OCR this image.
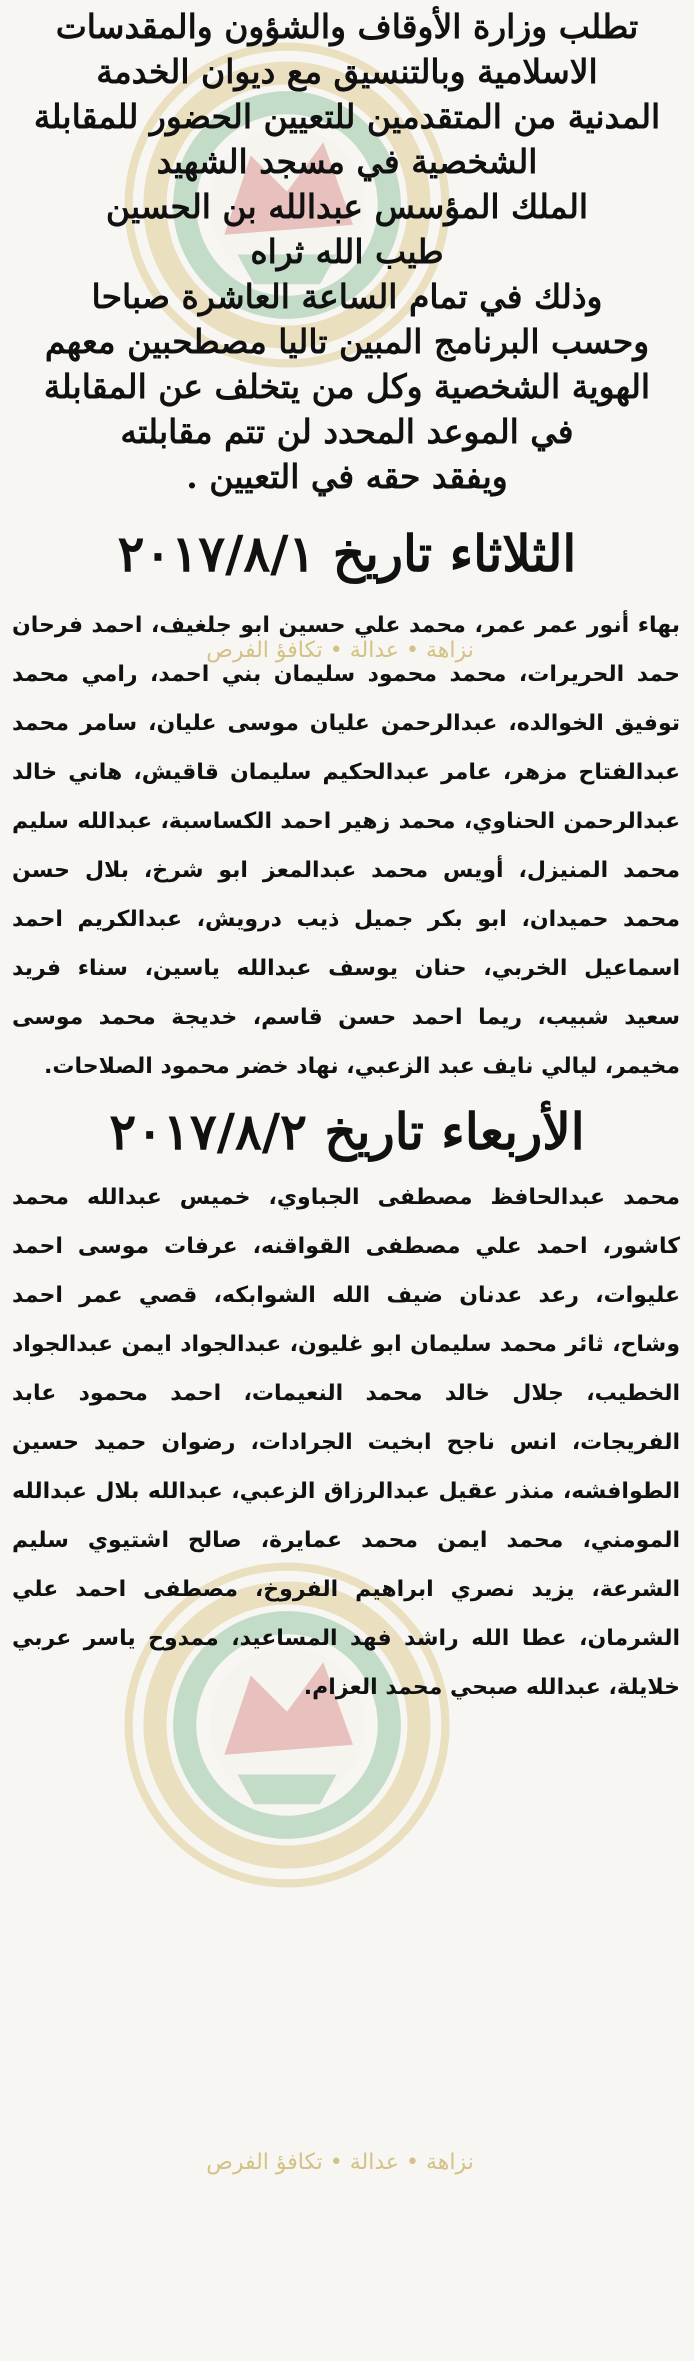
نزاهة • عدالة • تكافؤ الفرص
نزاهة • عدالة • تكافؤ الفرص
تطلب وزارة الأوقاف والشؤون والمقدسات
الاسلامية وبالتنسيق مع ديوان الخدمة
المدنية من المتقدمين للتعيين الحضور للمقابلة
الشخصية في مسجد الشهيد
الملك المؤسس عبدالله بن الحسين
طيب الله ثراه
وذلك في تمام الساعة العاشرة صباحا
وحسب البرنامج المبين تاليا مصطحبين معهم
الهوية الشخصية وكل من يتخلف عن المقابلة
في الموعد المحدد لن تتم مقابلته
ويفقد حقه في التعيين .
الثلاثاء تاريخ ٢٠١٧/٨/١

بهاء أنور عمر عمر، محمد علي حسين ابو جلغيف، احمد فرحان حمد الحريرات، محمد محمود سليمان بني احمد، رامي محمد توفيق الخوالده، عبدالرحمن عليان موسى عليان، سامر محمد عبدالفتاح مزهر، عامر عبدالحكيم سليمان قاقيش، هاني خالد عبدالرحمن الحناوي، محمد زهير احمد الكساسبة، عبدالله سليم محمد المنيزل، أويس محمد عبدالمعز ابو شرخ، بلال حسن محمد حميدان، ابو بكر جميل ذيب درويش، عبدالكريم احمد اسماعيل الخربي، حنان يوسف عبدالله ياسين، سناء فريد سعيد شبيب، ريما احمد حسن قاسم، خديجة محمد موسى مخيمر، ليالي نايف عبد الزعبي، نهاد خضر محمود الصلاحات.

الأربعاء تاريخ ٢٠١٧/٨/٢

محمد عبدالحافظ مصطفى الجباوي، خميس عبدالله محمد كاشور، احمد علي مصطفى القواقنه، عرفات موسى احمد عليوات، رعد عدنان ضيف الله الشوابكه، قصي عمر احمد وشاح، ثائر محمد سليمان ابو غليون، عبدالجواد ايمن عبدالجواد الخطيب، جلال خالد محمد النعيمات، احمد محمود عابد الفريجات، انس ناجح ابخيت الجرادات، رضوان حميد حسين الطوافشه، منذر عقيل عبدالرزاق الزعبي، عبدالله بلال عبدالله المومني، محمد ايمن محمد عمايرة، صالح اشتيوي سليم الشرعة، يزيد نصري ابراهيم الفروخ، مصطفى احمد علي الشرمان، عطا الله راشد فهد المساعيد، ممدوح ياسر عربي خلايلة، عبدالله صبحي محمد العزام.
